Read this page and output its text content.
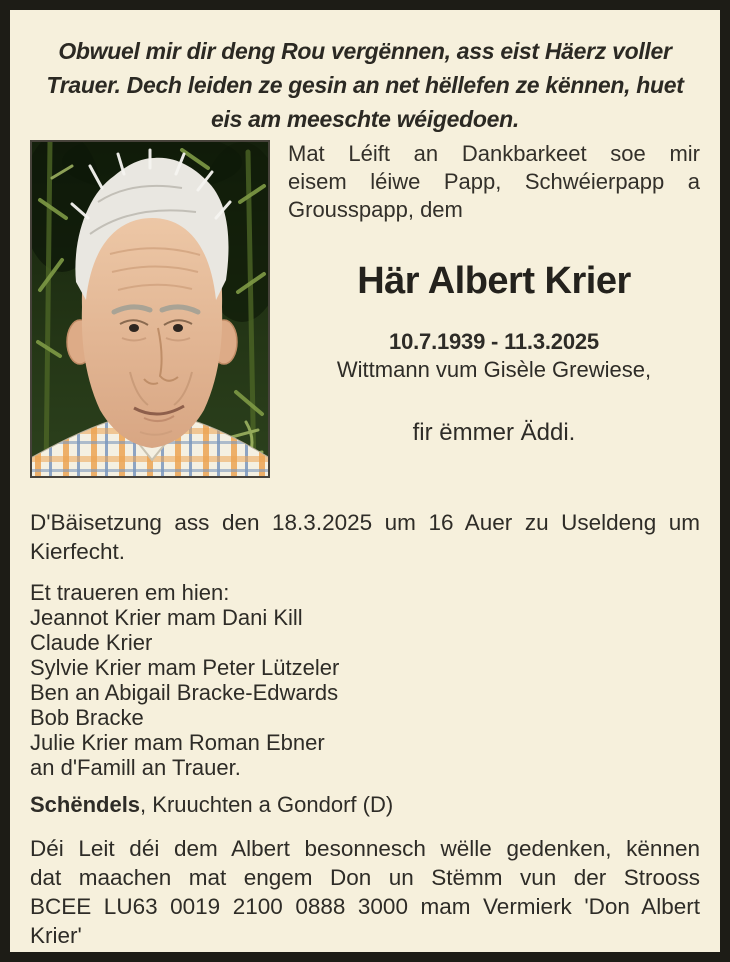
Obwuel mir dir deng Rou vergënnen, ass eist Häerz voller
Trauer. Dech leiden ze gesin an net hëllefen ze kënnen, huet
eis am meeschte wéigedoen.
Mat Léift an Dankbarkeet soe mir
eisem léiwe Papp, Schwéierpapp a
Grousspapp, dem
Här Albert Krier
10.7.1939 - 11.3.2025
Wittmann vum Gisèle Grewiese,
fir ëmmer Äddi.
D'Bäisetzung ass den 18.3.2025 um 16 Auer zu Useldeng um
Kierfecht.
Et traueren em hien:
Jeannot Krier mam Dani Kill
Claude Krier
Sylvie Krier mam Peter Lützeler
Ben an Abigail Bracke-Edwards
Bob Bracke
Julie Krier mam Roman Ebner
an d'Famill an Trauer.
Schëndels, Kruuchten a Gondorf (D)
Déi Leit déi dem Albert besonnesch wëlle gedenken, kënnen
dat maachen mat engem Don un Stëmm vun der Strooss
BCEE LU63 0019 2100 0888 3000 mam Vermierk 'Don Albert
Krier'
